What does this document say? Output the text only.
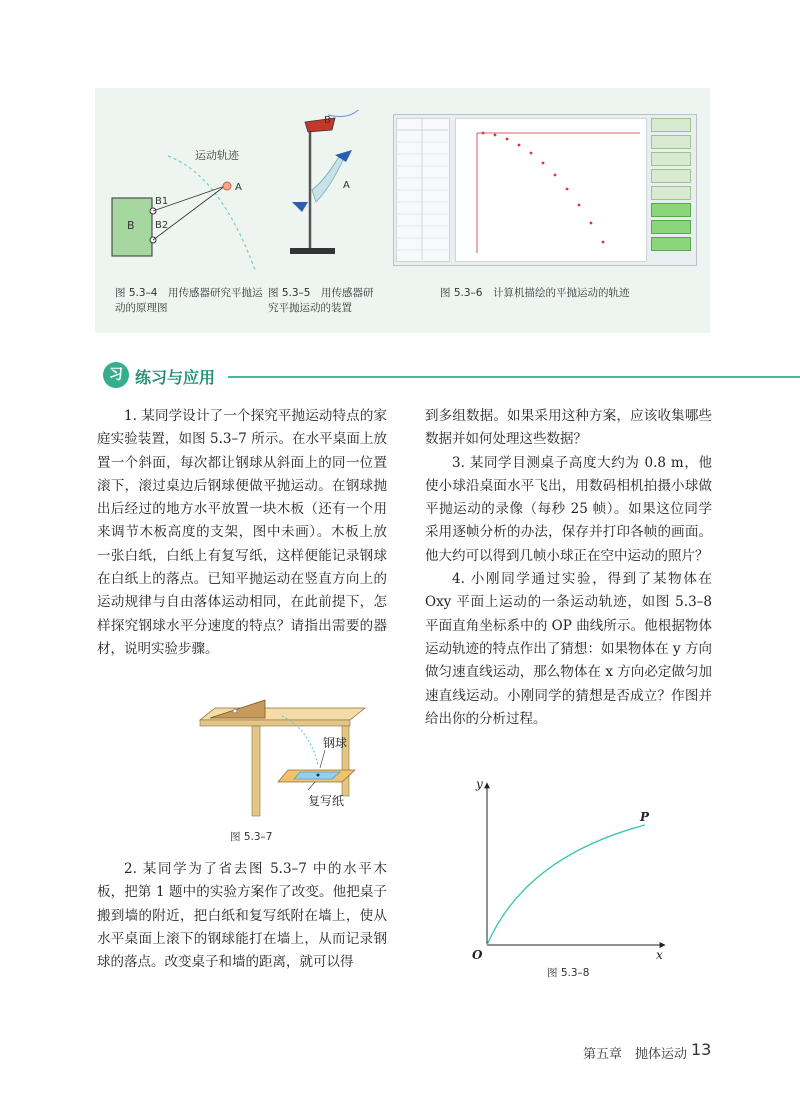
运动轨迹
A
B
B1
B2
图 5.3–4　用传感器研究平抛运动的原理图
B
A
图 5.3–5　用传感器研究平抛运动的装置
图 5.3–6　计算机描绘的平抛运动的轨迹
习 练习与应用

1. 某同学设计了一个探究平抛运动特点的家庭实验装置，如图 5.3–7 所示。在水平桌面上放置一个斜面，每次都让钢球从斜面上的同一位置滚下，滚过桌边后钢球便做平抛运动。在钢球抛出后经过的地方水平放置一块木板（还有一个用来调节木板高度的支架，图中未画）。木板上放一张白纸，白纸上有复写纸，这样便能记录钢球在白纸上的落点。已知平抛运动在竖直方向上的运动规律与自由落体运动相同，在此前提下，怎样探究钢球水平分速度的特点？请指出需要的器材，说明实验步骤。

钢球
复写纸
图 5.3–7

2. 某同学为了省去图 5.3–7 中的水平木板，把第 1 题中的实验方案作了改变。他把桌子搬到墙的附近，把白纸和复写纸附在墙上，使从水平桌面上滚下的钢球能打在墙上，从而记录钢球的落点。改变桌子和墙的距离，就可以得

到多组数据。如果采用这种方案，应该收集哪些数据并如何处理这些数据？

3. 某同学目测桌子高度大约为 0.8 m，他使小球沿桌面水平飞出，用数码相机拍摄小球做平抛运动的录像（每秒 25 帧）。如果这位同学采用逐帧分析的办法，保存并打印各帧的画面。他大约可以得到几帧小球正在空中运动的照片？

4. 小刚同学通过实验，得到了某物体在 Oxy 平面上运动的一条运动轨迹，如图 5.3–8 平面直角坐标系中的 OP 曲线所示。他根据物体运动轨迹的特点作出了猜想：如果物体在 y 方向做匀速直线运动，那么物体在 x 方向必定做匀加速直线运动。小刚同学的猜想是否成立？作图并给出你的分析过程。

y
x
O
P
图 5.3–8
第五章　抛体运动 13
